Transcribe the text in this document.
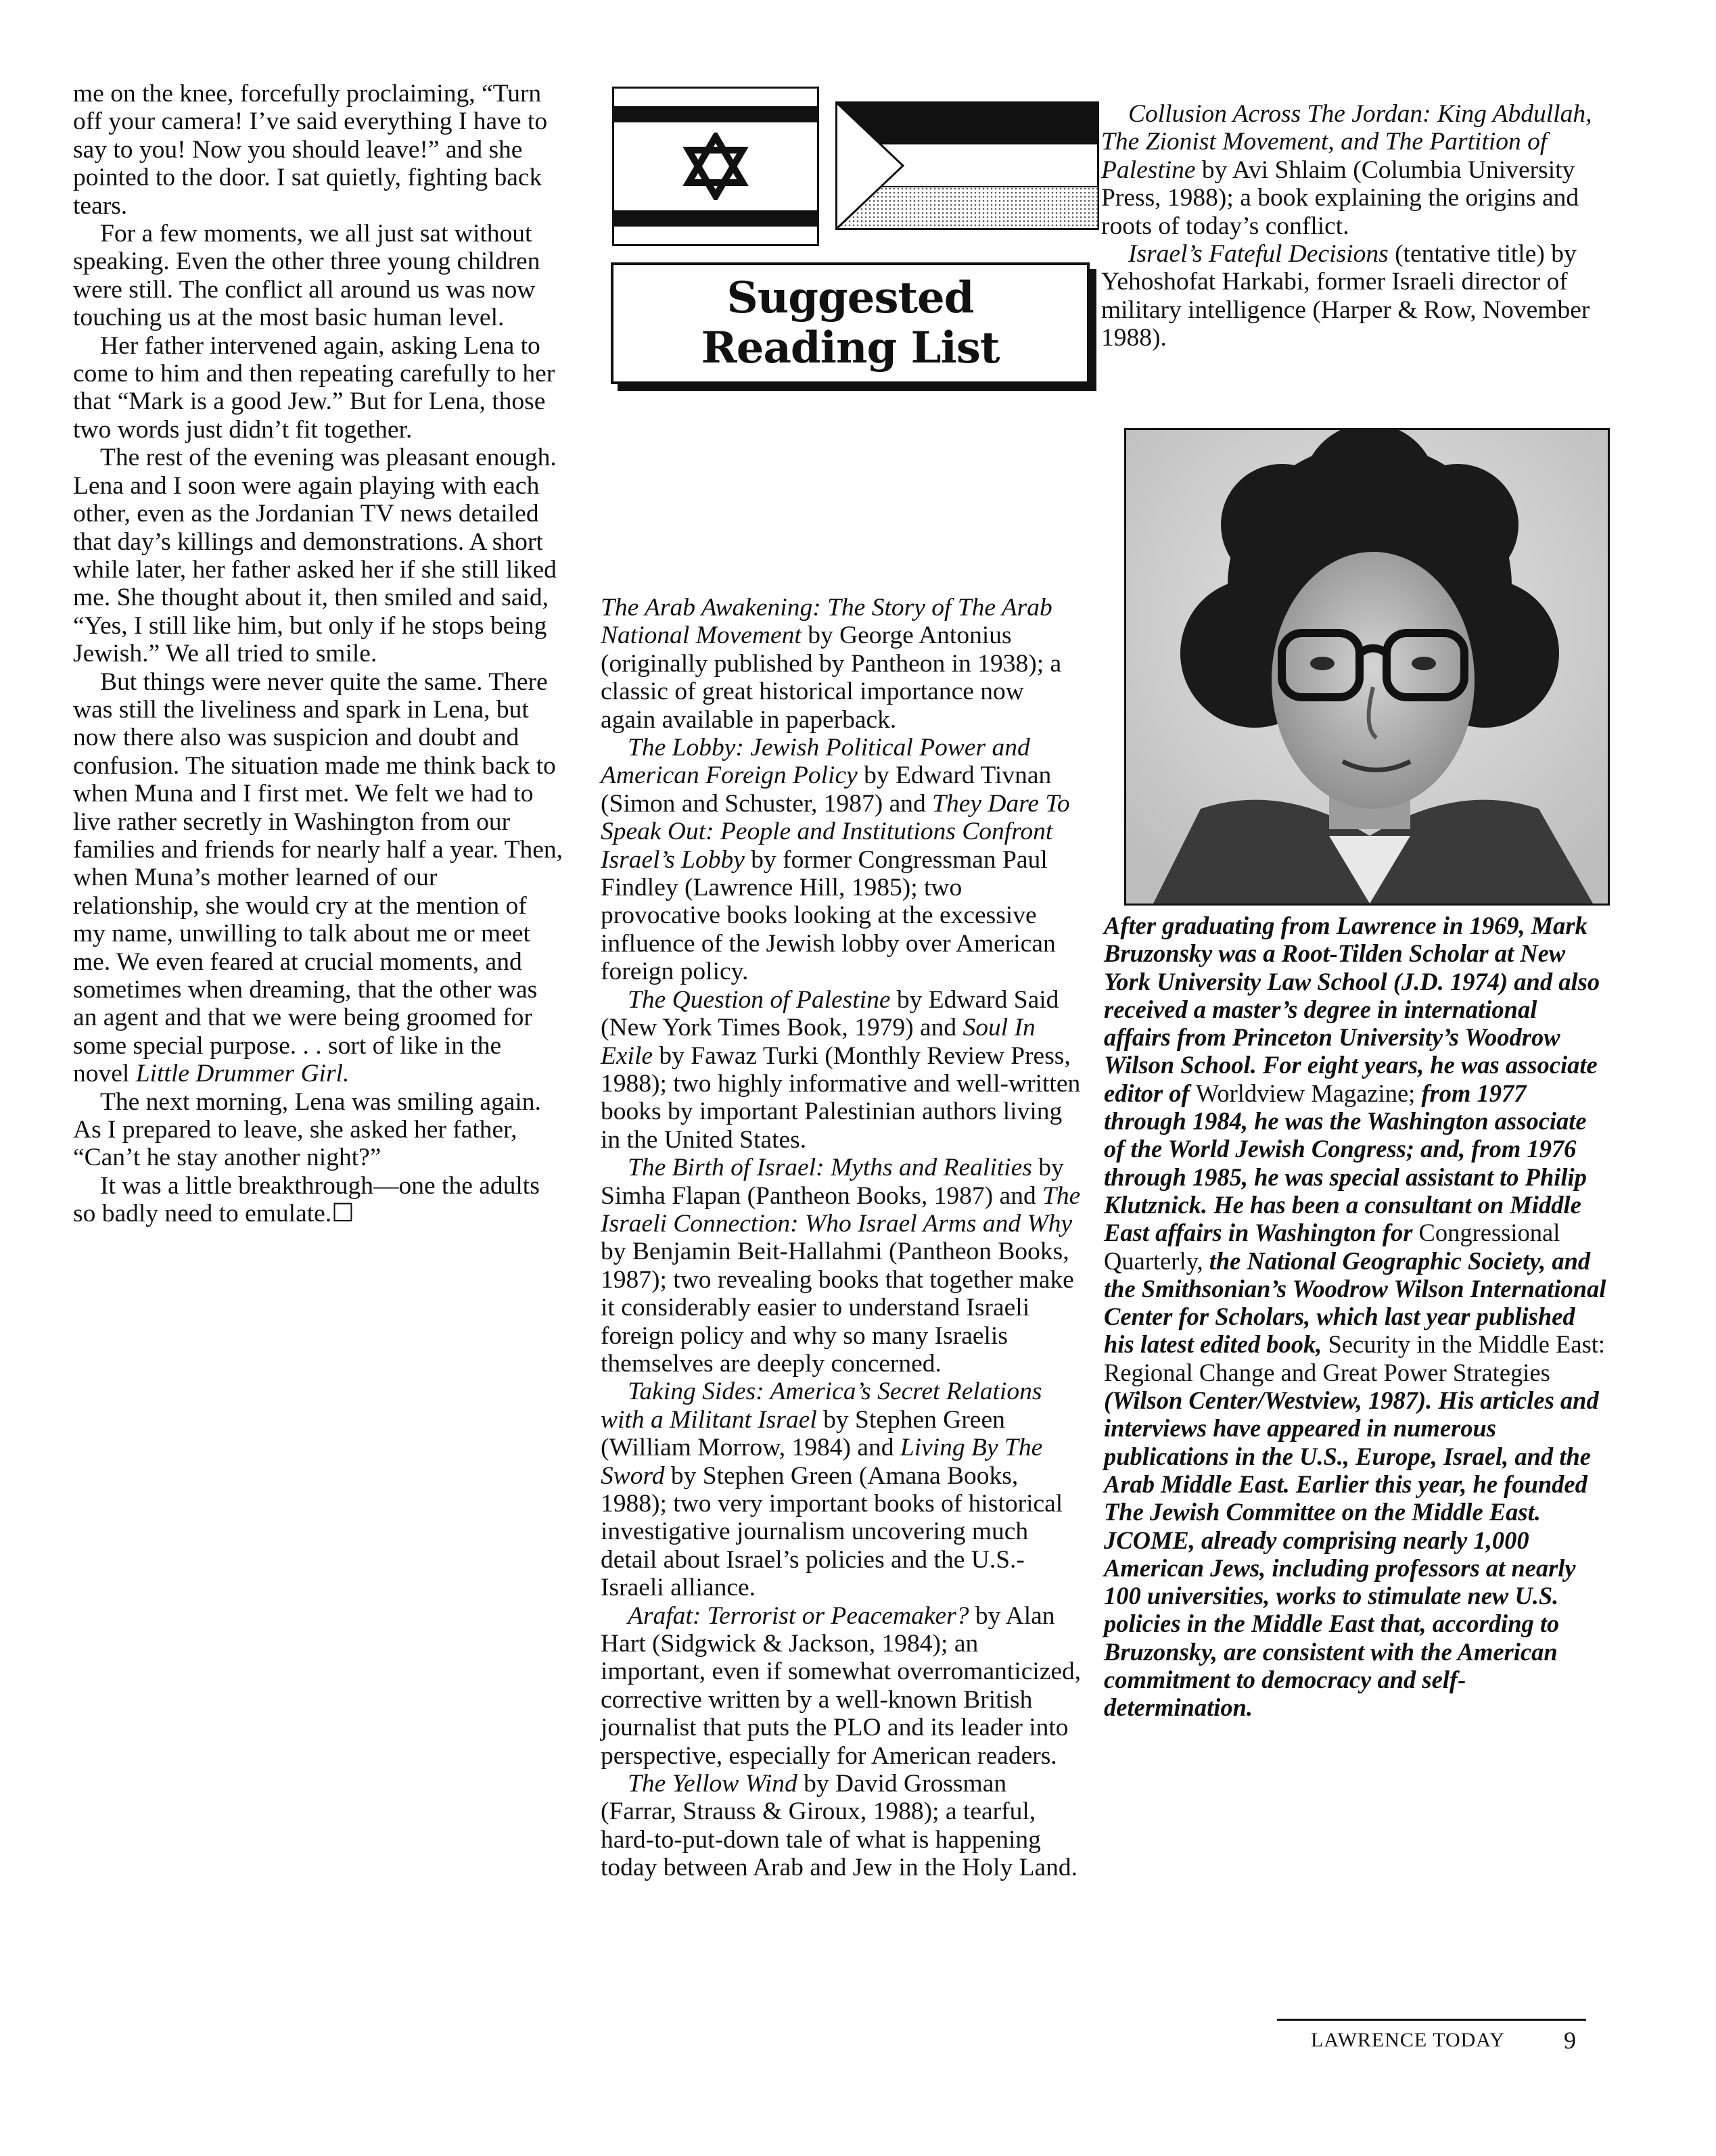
me on the knee, forcefully proclaiming, “Turn off your camera! I’ve said everything I have to say to you! Now you should leave!” and she pointed to the door. I sat quietly, fighting back tears.

For a few moments, we all just sat without speaking. Even the other three young children were still. The conflict all around us was now touching us at the most basic human level.

Her father intervened again, asking Lena to come to him and then repeating carefully to her that “Mark is a good Jew.” But for Lena, those two words just didn’t fit together.

The rest of the evening was pleasant enough. Lena and I soon were again playing with each other, even as the Jordanian TV news detailed that day’s killings and demonstrations. A short while later, her father asked her if she still liked me. She thought about it, then smiled and said, “Yes, I still like him, but only if he stops being Jewish.” We all tried to smile.

But things were never quite the same. There was still the liveliness and spark in Lena, but now there also was suspicion and doubt and confusion. The situation made me think back to when Muna and I first met. We felt we had to live rather secretly in Washington from our families and friends for nearly half a year. Then, when Muna’s mother learned of our relationship, she would cry at the mention of my name, unwilling to talk about me or meet me. We even feared at crucial moments, and sometimes when dreaming, that the other was an agent and that we were being groomed for some special purpose. . . sort of like in the novel Little Drummer Girl.

The next morning, Lena was smiling again. As I prepared to leave, she asked her father, “Can’t he stay another night?”

It was a little breakthrough—one the adults so badly need to emulate.☐

Suggested
Reading List

The Arab Awakening: The Story of The Arab National Movement by George Antonius (originally published by Pantheon in 1938); a classic of great historical importance now again available in paperback.

The Lobby: Jewish Political Power and American Foreign Policy by Edward Tivnan (Simon and Schuster, 1987) and They Dare To Speak Out: People and Institutions Confront Israel’s Lobby by former Congressman Paul Findley (Lawrence Hill, 1985); two provocative books looking at the excessive influence of the Jewish lobby over American foreign policy.

The Question of Palestine by Edward Said (New York Times Book, 1979) and Soul In Exile by Fawaz Turki (Monthly Review Press, 1988); two highly informative and well-written books by important Palestinian authors living in the United States.

The Birth of Israel: Myths and Realities by Simha Flapan (Pantheon Books, 1987) and The Israeli Connection: Who Israel Arms and Why by Benjamin Beit-Hallahmi (Pantheon Books, 1987); two revealing books that together make it considerably easier to understand Israeli foreign policy and why so many Israelis themselves are deeply concerned.

Taking Sides: America’s Secret Relations with a Militant Israel by Stephen Green (William Morrow, 1984) and Living By The Sword by Stephen Green (Amana Books, 1988); two very important books of historical investigative journalism uncovering much detail about Israel’s policies and the U.S.-Israeli alliance.

Arafat: Terrorist or Peacemaker? by Alan Hart (Sidgwick & Jackson, 1984); an important, even if somewhat overromanticized, corrective written by a well-known British journalist that puts the PLO and its leader into perspective, especially for American readers.

The Yellow Wind by David Grossman (Farrar, Strauss & Giroux, 1988); a tearful, hard-to-put-down tale of what is happening today between Arab and Jew in the Holy Land.

Collusion Across The Jordan: King Abdullah, The Zionist Movement, and The Partition of Palestine by Avi Shlaim (Columbia University Press, 1988); a book explaining the origins and roots of today’s conflict.

Israel’s Fateful Decisions (tentative title) by Yehoshofat Harkabi, former Israeli director of military intelligence (Harper & Row, November 1988).

After graduating from Lawrence in 1969, Mark Bruzonsky was a Root-Tilden Scholar at New York University Law School (J.D. 1974) and also received a master’s degree in international affairs from Princeton University’s Woodrow Wilson School. For eight years, he was associate editor of Worldview Magazine; from 1977 through 1984, he was the Washington associate of the World Jewish Congress; and, from 1976 through 1985, he was special assistant to Philip Klutznick. He has been a consultant on Middle East affairs in Washington for Congressional Quarterly, the National Geographic Society, and the Smithsonian’s Woodrow Wilson International Center for Scholars, which last year published his latest edited book, Security in the Middle East: Regional Change and Great Power Strategies (Wilson Center/Westview, 1987). His articles and interviews have appeared in numerous publications in the U.S., Europe, Israel, and the Arab Middle East. Earlier this year, he founded The Jewish Committee on the Middle East. JCOME, already comprising nearly 1,000 American Jews, including professors at nearly 100 universities, works to stimulate new U.S. policies in the Middle East that, according to Bruzonsky, are consistent with the American commitment to democracy and self-determination.
LAWRENCE TODAY 9
